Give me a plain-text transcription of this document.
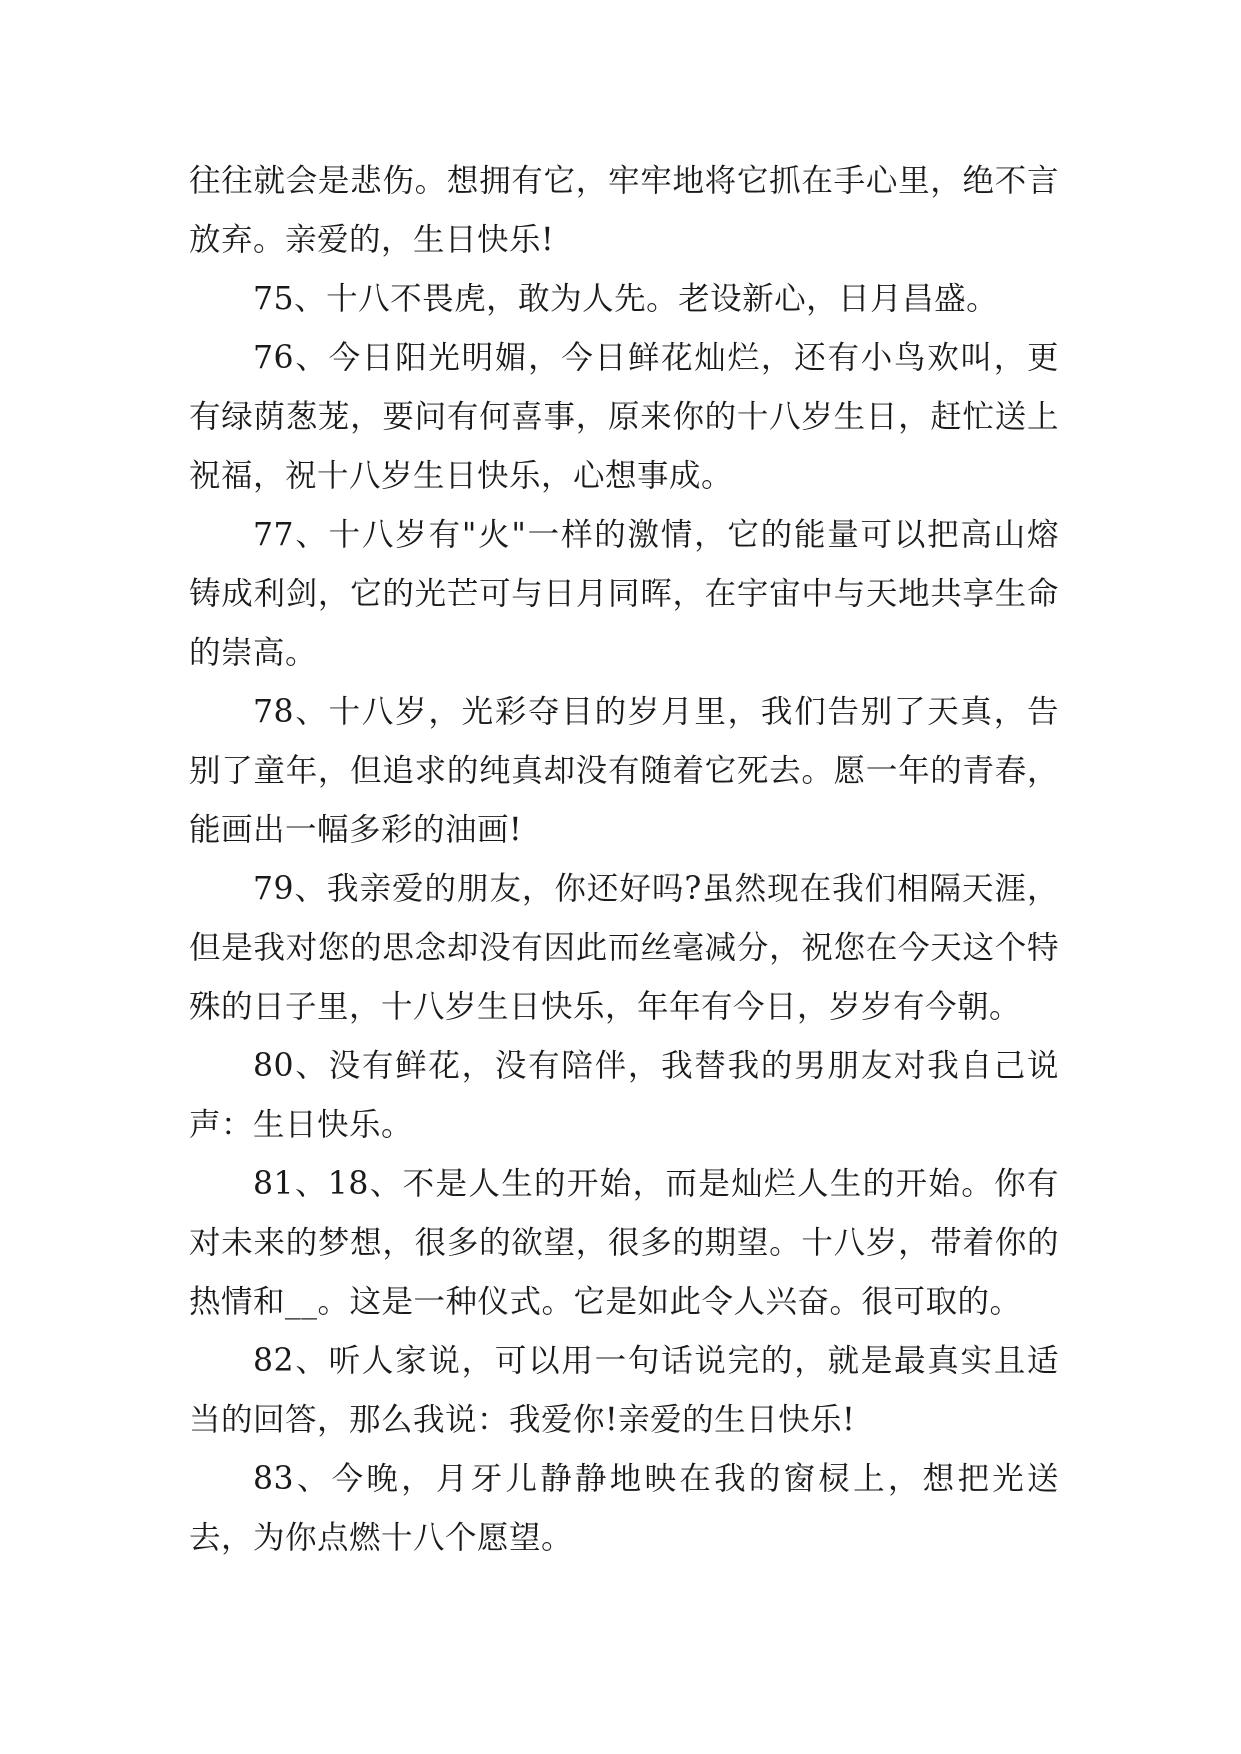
往往就会是悲伤。想拥有它，牢牢地将它抓在手心里，绝不言放弃。亲爱的，生日快乐!

75、十八不畏虎，敢为人先。老设新心，日月昌盛。

76、今日阳光明媚，今日鲜花灿烂，还有小鸟欢叫，更有绿荫葱茏，要问有何喜事，原来你的十八岁生日，赶忙送上祝福，祝十八岁生日快乐，心想事成。

77、十八岁有"火"一样的激情，它的能量可以把高山熔铸成利剑，它的光芒可与日月同晖，在宇宙中与天地共享生命的崇高。

78、十八岁，光彩夺目的岁月里，我们告别了天真，告别了童年，但追求的纯真却没有随着它死去。愿一年的青春，能画出一幅多彩的油画!

79、我亲爱的朋友，你还好吗?虽然现在我们相隔天涯，但是我对您的思念却没有因此而丝毫减分，祝您在今天这个特殊的日子里，十八岁生日快乐，年年有今日，岁岁有今朝。

80、没有鲜花，没有陪伴，我替我的男朋友对我自己说声：生日快乐。

81、18、不是人生的开始，而是灿烂人生的开始。你有对未来的梦想，很多的欲望，很多的期望。十八岁，带着你的热情和__。这是一种仪式。它是如此令人兴奋。很可取的。

82、听人家说，可以用一句话说完的，就是最真实且适当的回答，那么我说：我爱你!亲爱的生日快乐!

83、今晚，月牙儿静静地映在我的窗棂上，想把光送去，为你点燃十八个愿望。
